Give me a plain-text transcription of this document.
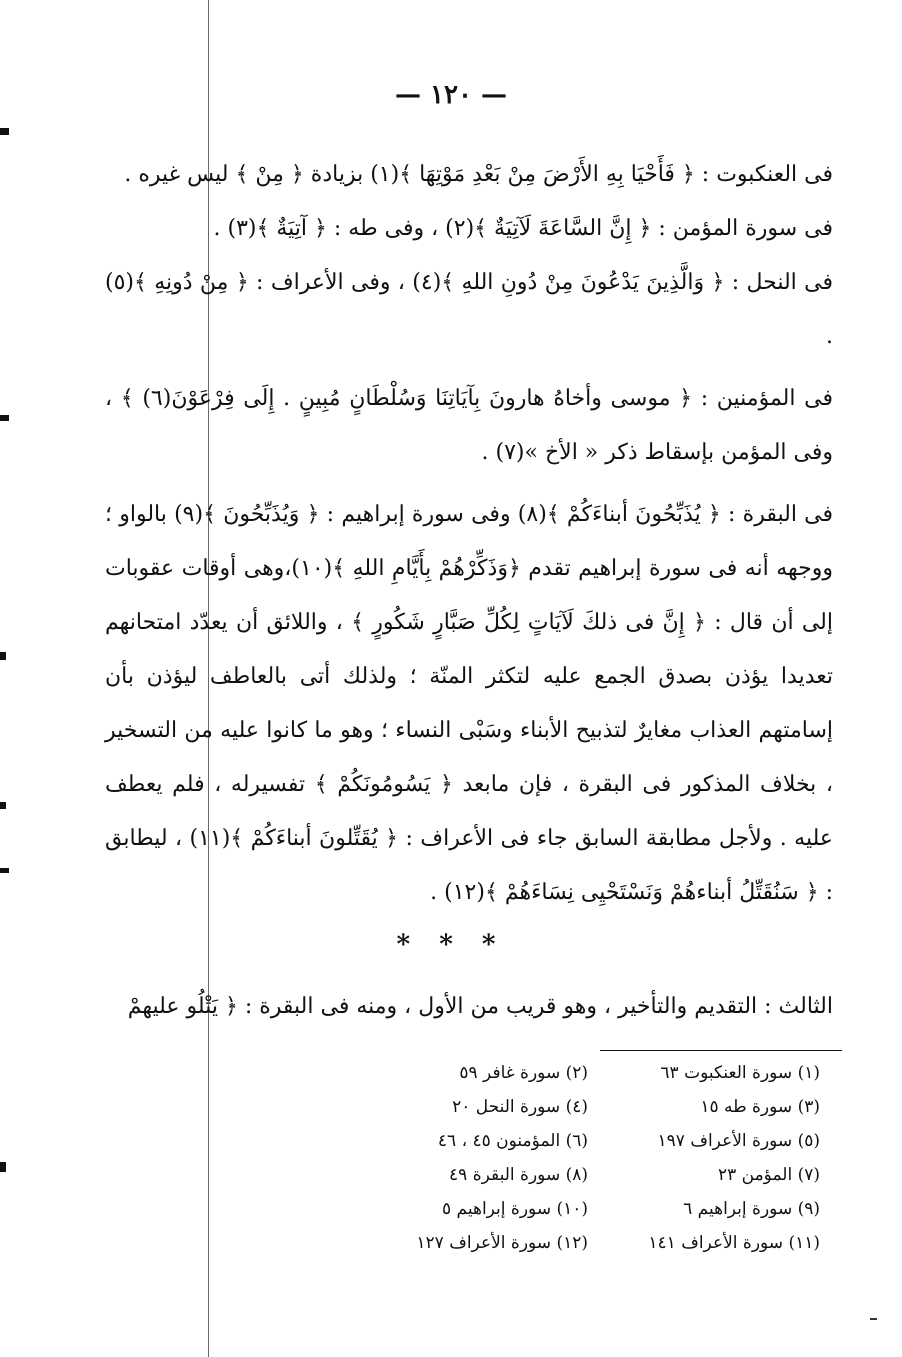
— ١٢٠ —

فى العنكبوت : ﴿ فَأَحْيَا بِهِ الأَرْضَ مِنْ بَعْدِ مَوْتِهَا ﴾(١) بزيادة ﴿ مِنْ ﴾ ليس غيره .

فى سورة المؤمن : ﴿ إِنَّ السَّاعَةَ لَآتِيَةٌ ﴾(٢) ، وفى طه : ﴿ آتِيَةٌ ﴾(٣) .

فى النحل : ﴿ وَالَّذِينَ يَدْعُونَ مِنْ دُونِ اللهِ ﴾(٤) ، وفى الأعراف : ﴿ مِنْ دُونِهِ ﴾(٥) .

فى المؤمنين : ﴿ موسى وأخاهُ هارونَ بِآيَاتِنَا وَسُلْطَانٍ مُبِينٍ . إِلَى فِرْعَوْنَ(٦) ﴾ ، وفى المؤمن بإسقاط ذكر « الأخ »(٧) .

فى البقرة : ﴿ يُذَبِّحُونَ أبناءَكُمْ ﴾(٨) وفى سورة إبراهيم : ﴿ وَيُذَبِّحُونَ ﴾(٩) بالواو ؛ ووجهه أنه فى سورة إبراهيم تقدم ﴿وَذَكِّرْهُمْ بِأَيَّامِ اللهِ ﴾(١٠)،وهى أوقات عقوبات إلى أن قال : ﴿ إِنَّ فى ذلكَ لَآيَاتٍ لِكُلِّ صَبَّارٍ شَكُورٍ ﴾ ، واللائق أن يعدّد امتحانهم تعديدا يؤذن بصدق الجمع عليه لتكثر المنّة ؛ ولذلك أتى بالعاطف ليؤذن بأن إسامتهم العذاب مغايرٌ لتذبيح الأبناء وسَبْى النساء ؛ وهو ما كانوا عليه من التسخير ، بخلاف المذكور فى البقرة ، فإن مابعد ﴿ يَسُومُونَكُمْ ﴾ تفسيرله ، فلم يعطف عليه . ولأجل مطابقة السابق جاء فى الأعراف : ﴿ يُقَتِّلونَ أبناءَكُمْ ﴾(١١) ، ليطابق : ﴿ سَنُقَتِّلُ أبناءهُمْ وَنَسْتَحْيِى نِسَاءَهُمْ ﴾(١٢) .

* * *
الثالث : التقديم والتأخير ، وهو قريب من الأول ، ومنه فى البقرة : ﴿ يَتْلُو عليهمْ
(١) سورة العنكبوت ٦٣
(٢) سورة غافر ٥٩
(٣) سورة طه ١٥
(٤) سورة النحل ٢٠
(٥) سورة الأعراف ١٩٧
(٦) المؤمنون ٤٥ ، ٤٦
(٧) المؤمن ٢٣
(٨) سورة البقرة ٤٩
(٩) سورة إبراهيم ٦
(١٠) سورة إبراهيم ٥
(١١) سورة الأعراف ١٤١
(١٢) سورة الأعراف ١٢٧
